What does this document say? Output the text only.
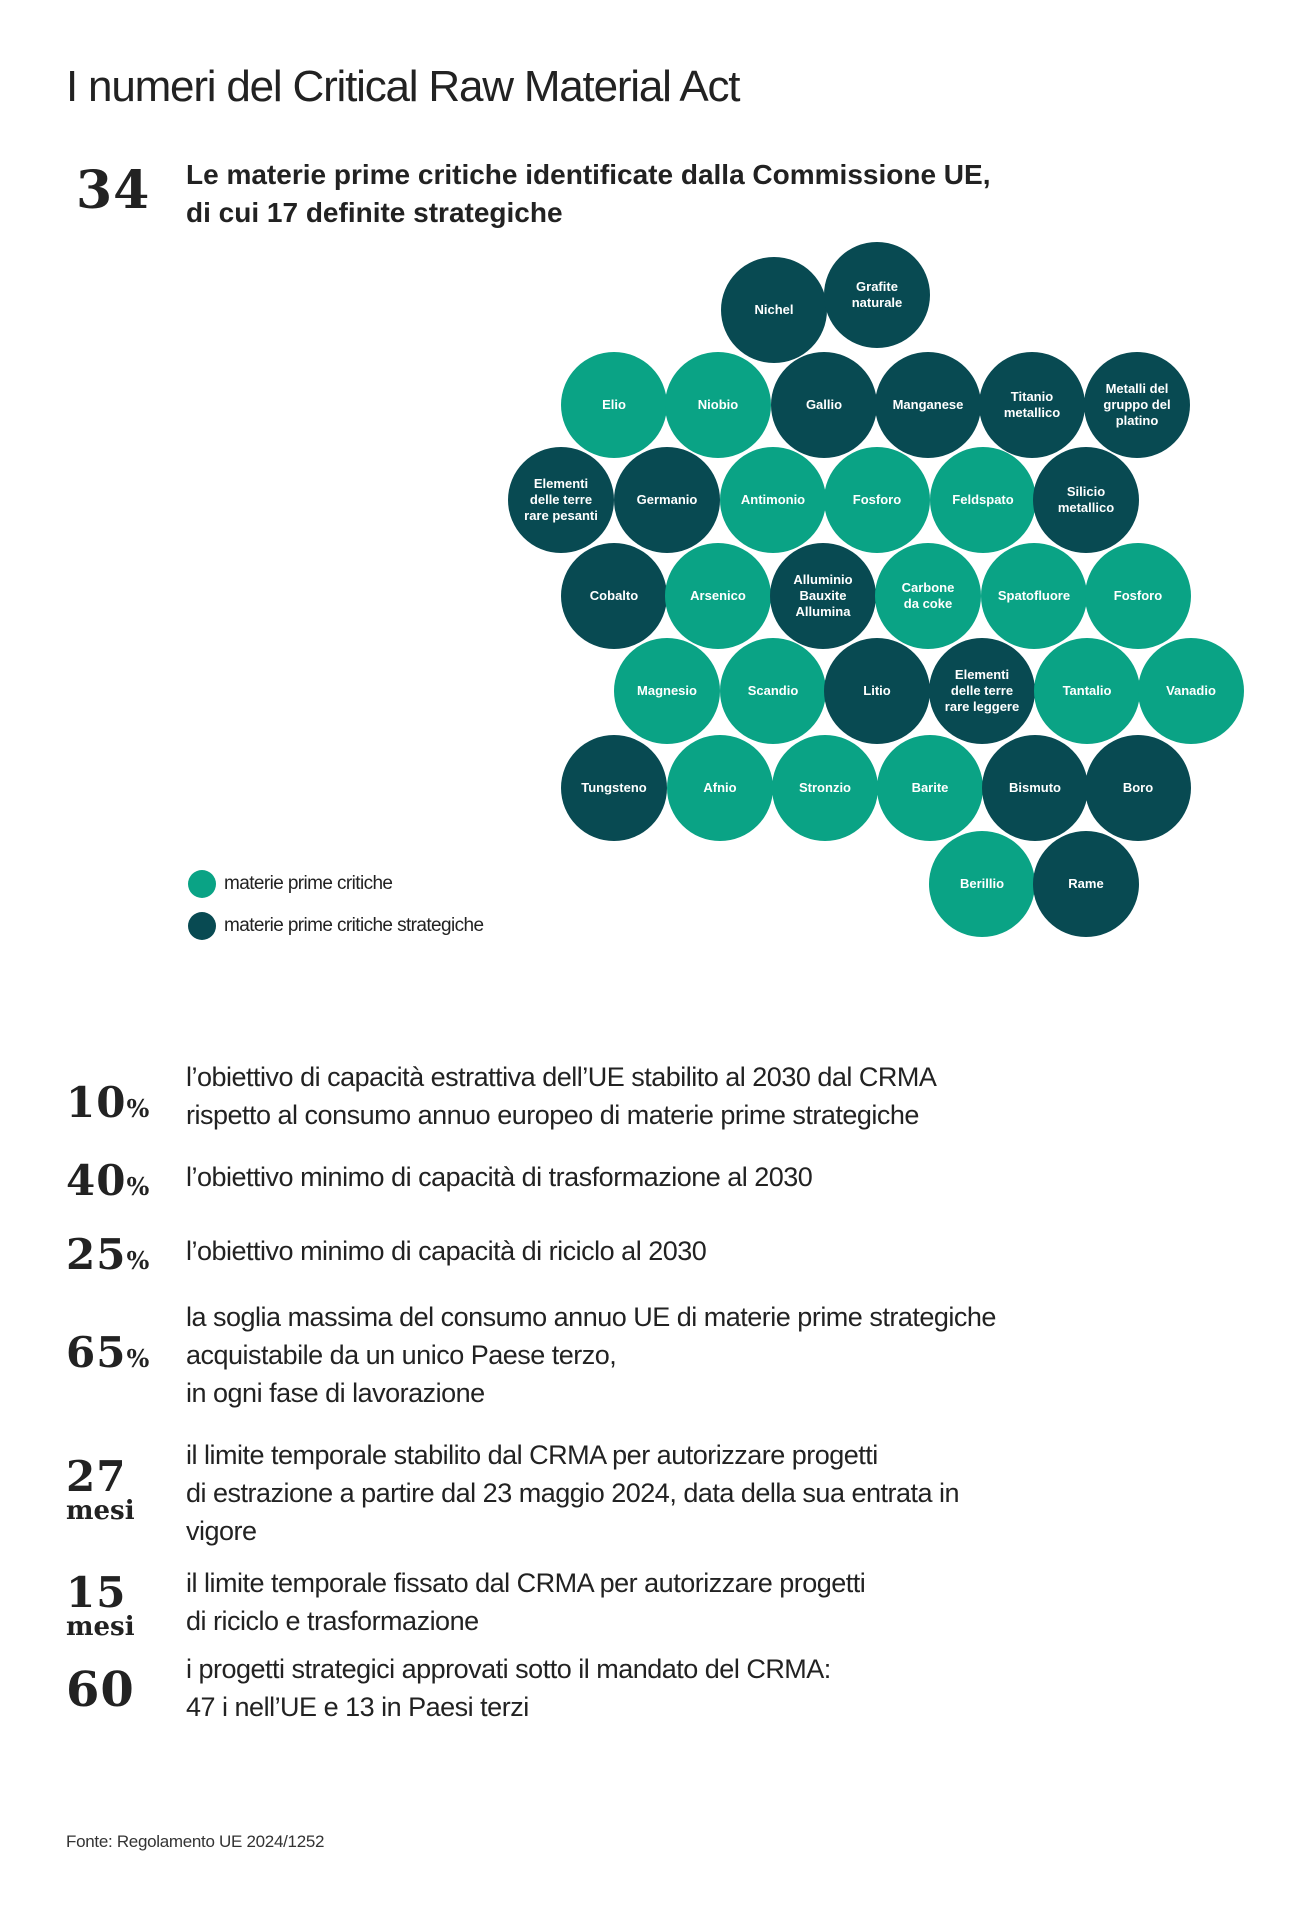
I numeri del Critical Raw Material Act
34 Le materie prime critiche identificate dalla Commissione UE,
di cui 17 definite strategiche
Nichel
Grafite
naturale
Elio	Niobio	Gallio	Manganese
Titanio
metallico
Metalli del
gruppo del
platino
Elementi
delle terre
rare pesanti
Germanio	Antimonio	Fosforo	Feldspato
Silicio
metallico
Cobalto	Arsenico
Alluminio
Bauxite
Allumina
Carbone
da coke
Spatofluore	Fosforo
Magnesio	Scandio	Litio
Elementi
delle terre
rare leggere
Tantalio	Vanadio
Tungsteno	Afnio	Stronzio	Barite	Bismuto	Boro
Berillio	Rame
materie prime critiche
materie prime critiche strategiche
10%
l’obiettivo di capacità estrattiva dell’UE stabilito al 2030 dal CRMA
rispetto al consumo annuo europeo di materie prime strategiche
40% l’obiettivo minimo di capacità di trasformazione al 2030
25% l’obiettivo minimo di capacità di riciclo al 2030
65%
la soglia massima del consumo annuo UE di materie prime strategiche
acquistabile da un unico Paese terzo,
in ogni fase di lavorazione
27
mesi
il limite temporale stabilito dal CRMA per autorizzare progetti
di estrazione a partire dal 23 maggio 2024, data della sua entrata in
vigore
15
mesi
il limite temporale fissato dal CRMA per autorizzare progetti
di riciclo e trasformazione
60 i progetti strategici approvati sotto il mandato del CRMA:
47 i nell’UE e 13 in Paesi terzi
Fonte: Regolamento UE 2024/1252
